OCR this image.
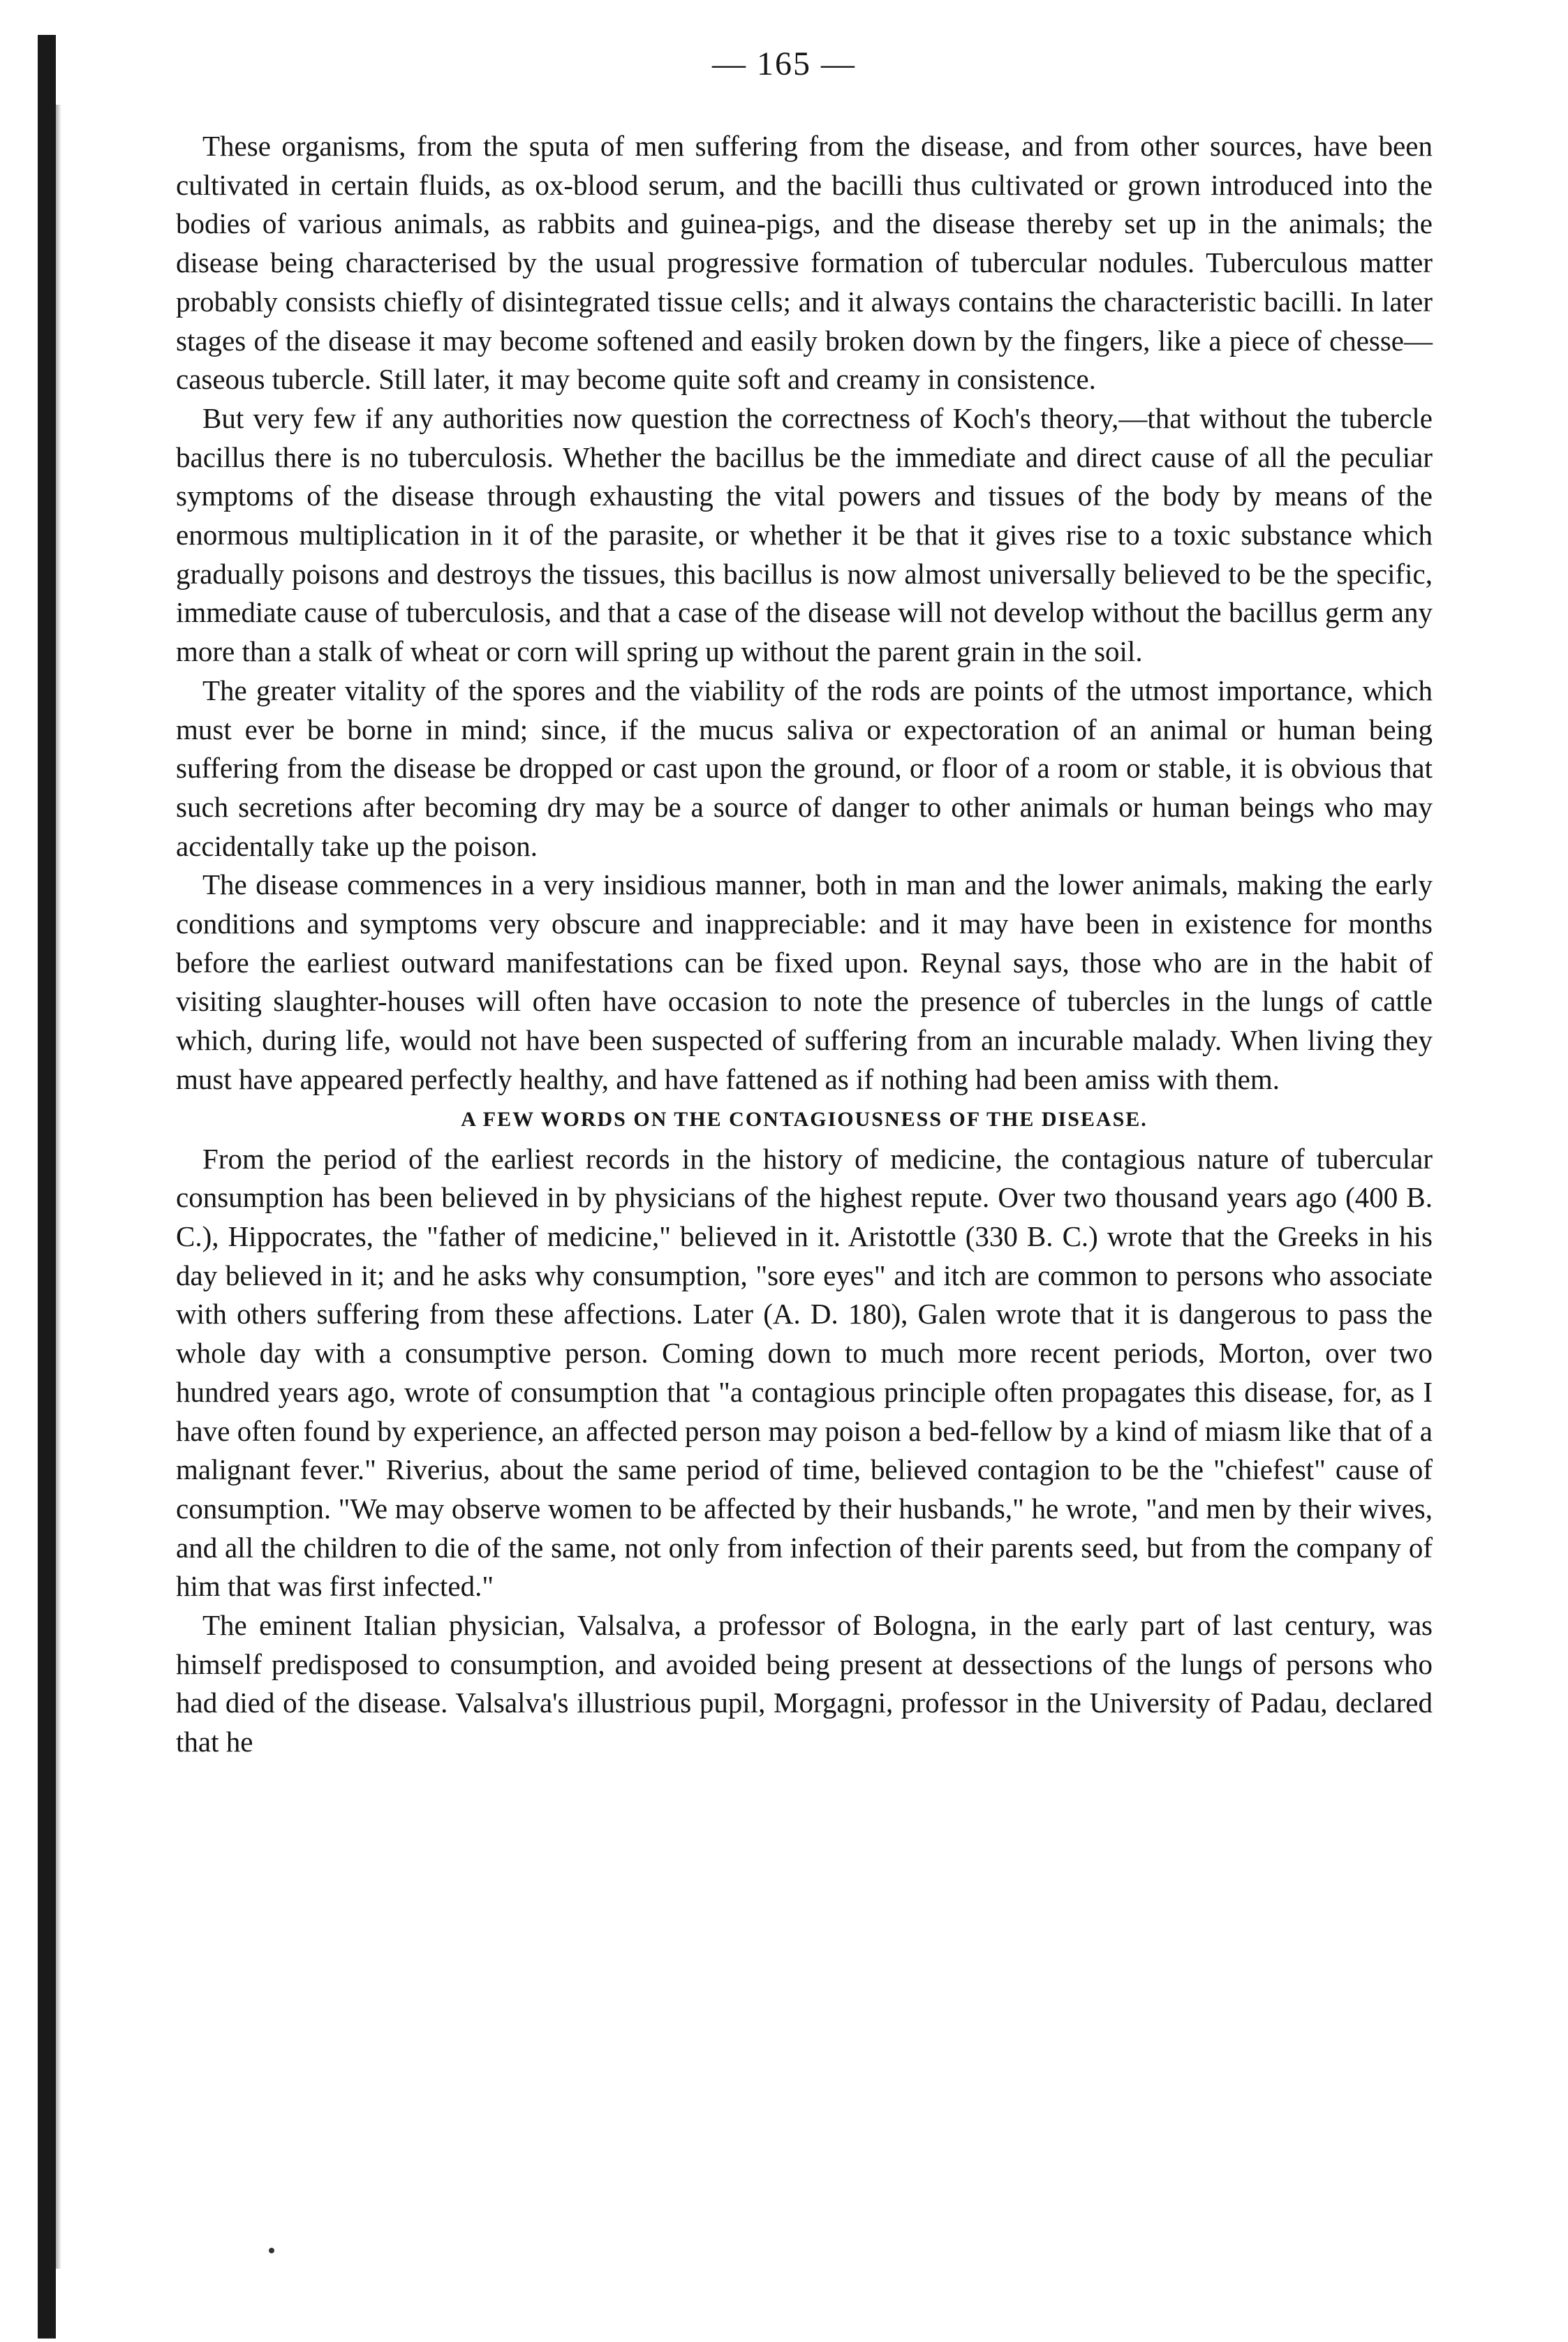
— 165 —

These organisms, from the sputa of men suffering from the disease, and from other sources, have been cultivated in certain fluids, as ox-blood serum, and the bacilli thus cultivated or grown introduced into the bodies of various animals, as rabbits and guinea-pigs, and the disease thereby set up in the animals; the disease being characterised by the usual progressive formation of tubercular nodules. Tuberculous matter probably consists chiefly of disintegrated tissue cells; and it always contains the characteristic bacilli. In later stages of the disease it may become softened and easily broken down by the fingers, like a piece of chesse—caseous tubercle. Still later, it may become quite soft and creamy in consistence.

But very few if any authorities now question the correctness of Koch's theory,—that without the tubercle bacillus there is no tuberculosis. Whether the bacillus be the immediate and direct cause of all the peculiar symptoms of the disease through exhausting the vital powers and tissues of the body by means of the enormous multiplication in it of the parasite, or whether it be that it gives rise to a toxic substance which gradually poisons and destroys the tissues, this bacillus is now almost universally believed to be the specific, immediate cause of tuberculosis, and that a case of the disease will not develop without the bacillus germ any more than a stalk of wheat or corn will spring up without the parent grain in the soil.

The greater vitality of the spores and the viability of the rods are points of the utmost importance, which must ever be borne in mind; since, if the mucus saliva or expectoration of an animal or human being suffering from the disease be dropped or cast upon the ground, or floor of a room or stable, it is obvious that such secretions after becoming dry may be a source of danger to other animals or human beings who may accidentally take up the poison.

The disease commences in a very insidious manner, both in man and the lower animals, making the early conditions and symptoms very obscure and inappreciable: and it may have been in existence for months before the earliest outward manifestations can be fixed upon. Reynal says, those who are in the habit of visiting slaughter-houses will often have occasion to note the presence of tubercles in the lungs of cattle which, during life, would not have been suspected of suffering from an incurable malady. When living they must have appeared perfectly healthy, and have fattened as if nothing had been amiss with them.

A FEW WORDS ON THE CONTAGIOUSNESS OF THE DISEASE.

From the period of the earliest records in the history of medicine, the contagious nature of tubercular consumption has been believed in by physicians of the highest repute. Over two thousand years ago (400 B. C.), Hippocrates, the "father of medicine," believed in it. Aristottle (330 B. C.) wrote that the Greeks in his day believed in it; and he asks why consumption, "sore eyes" and itch are common to persons who associate with others suffering from these affections. Later (A. D. 180), Galen wrote that it is dangerous to pass the whole day with a consumptive person. Coming down to much more recent periods, Morton, over two hundred years ago, wrote of consumption that "a contagious principle often propagates this disease, for, as I have often found by experience, an affected person may poison a bed-fellow by a kind of miasm like that of a malignant fever." Riverius, about the same period of time, believed contagion to be the "chiefest" cause of consumption. "We may observe women to be affected by their husbands," he wrote, "and men by their wives, and all the children to die of the same, not only from infection of their parents seed, but from the company of him that was first infected."

The eminent Italian physician, Valsalva, a professor of Bologna, in the early part of last century, was himself predisposed to consumption, and avoided being present at dessections of the lungs of persons who had died of the disease. Valsalva's illustrious pupil, Morgagni, professor in the University of Padau, declared that he
